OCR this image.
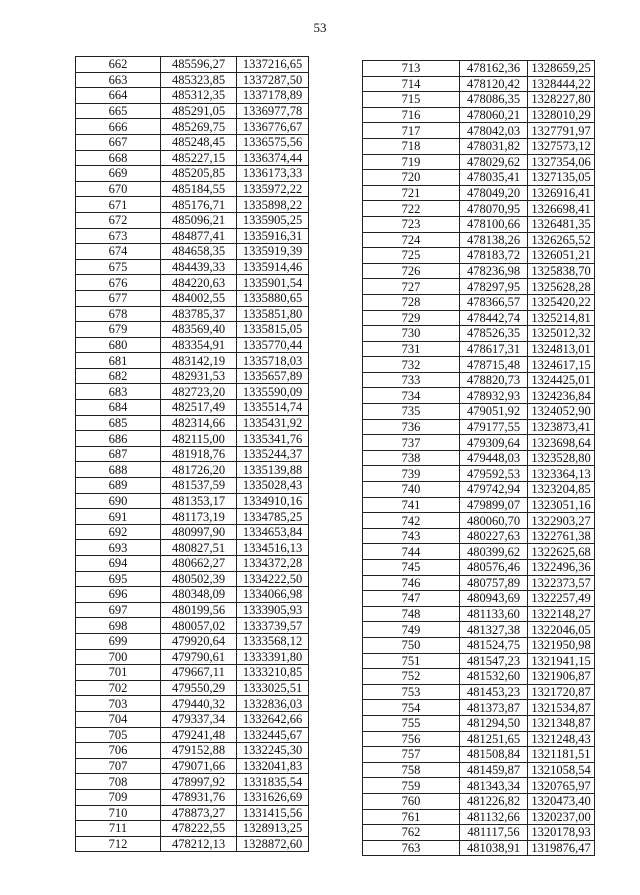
53
662	485596,27	1337216,65
663	485323,85	1337287,50
664	485312,35	1337178,89
665	485291,05	1336977,78
666	485269,75	1336776,67
667	485248,45	1336575,56
668	485227,15	1336374,44
669	485205,85	1336173,33
670	485184,55	1335972,22
671	485176,71	1335898,22
672	485096,21	1335905,25
673	484877,41	1335916,31
674	484658,35	1335919,39
675	484439,33	1335914,46
676	484220,63	1335901,54
677	484002,55	1335880,65
678	483785,37	1335851,80
679	483569,40	1335815,05
680	483354,91	1335770,44
681	483142,19	1335718,03
682	482931,53	1335657,89
683	482723,20	1335590,09
684	482517,49	1335514,74
685	482314,66	1335431,92
686	482115,00	1335341,76
687	481918,76	1335244,37
688	481726,20	1335139,88
689	481537,59	1335028,43
690	481353,17	1334910,16
691	481173,19	1334785,25
692	480997,90	1334653,84
693	480827,51	1334516,13
694	480662,27	1334372,28
695	480502,39	1334222,50
696	480348,09	1334066,98
697	480199,56	1333905,93
698	480057,02	1333739,57
699	479920,64	1333568,12
700	479790,61	1333391,80
701	479667,11	1333210,85
702	479550,29	1333025,51
703	479440,32	1332836,03
704	479337,34	1332642,66
705	479241,48	1332445,67
706	479152,88	1332245,30
707	479071,66	1332041,83
708	478997,92	1331835,54
709	478931,76	1331626,69
710	478873,27	1331415,56
711	478222,55	1328913,25
712	478212,13	1328872,60
713	478162,36	1328659,25
714	478120,42	1328444,22
715	478086,35	1328227,80
716	478060,21	1328010,29
717	478042,03	1327791,97
718	478031,82	1327573,12
719	478029,62	1327354,06
720	478035,41	1327135,05
721	478049,20	1326916,41
722	478070,95	1326698,41
723	478100,66	1326481,35
724	478138,26	1326265,52
725	478183,72	1326051,21
726	478236,98	1325838,70
727	478297,95	1325628,28
728	478366,57	1325420,22
729	478442,74	1325214,81
730	478526,35	1325012,32
731	478617,31	1324813,01
732	478715,48	1324617,15
733	478820,73	1324425,01
734	478932,93	1324236,84
735	479051,92	1324052,90
736	479177,55	1323873,41
737	479309,64	1323698,64
738	479448,03	1323528,80
739	479592,53	1323364,13
740	479742,94	1323204,85
741	479899,07	1323051,16
742	480060,70	1322903,27
743	480227,63	1322761,38
744	480399,62	1322625,68
745	480576,46	1322496,36
746	480757,89	1322373,57
747	480943,69	1322257,49
748	481133,60	1322148,27
749	481327,38	1322046,05
750	481524,75	1321950,98
751	481547,23	1321941,15
752	481532,60	1321906,87
753	481453,23	1321720,87
754	481373,87	1321534,87
755	481294,50	1321348,87
756	481251,65	1321248,43
757	481508,84	1321181,51
758	481459,87	1321058,54
759	481343,34	1320765,97
760	481226,82	1320473,40
761	481132,66	1320237,00
762	481117,56	1320178,93
763	481038,91	1319876,47
